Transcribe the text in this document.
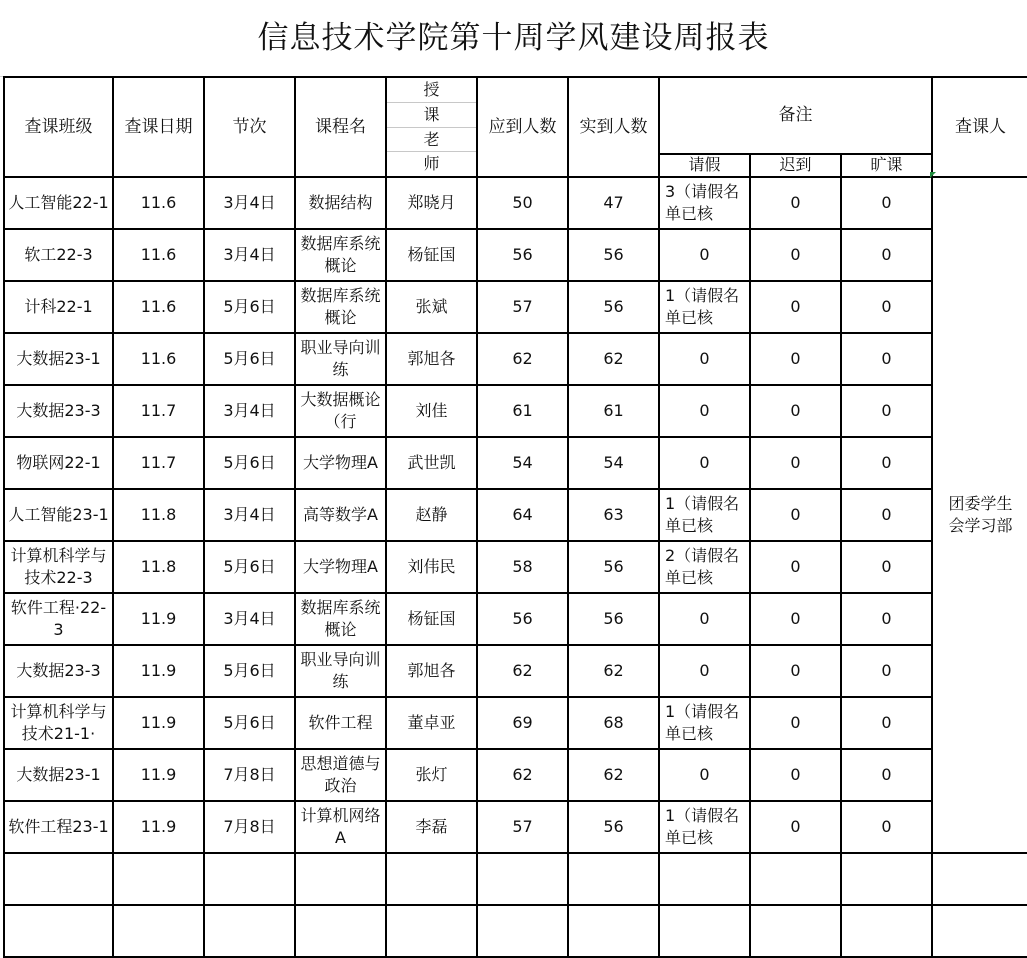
信息技术学院第十周学风建设周报表
查课班级	查课日期	节次	课程名	授
课
老
师	应到人数	实到人数	备注			查课人
							请假	迟到	旷课	

人工智能22-1	11.6	3月4日	数据结构	郑晓月	50	47	3（请假名单已核	0	0	团委学生会学习部

软工22-3	11.6	3月4日	数据库系统概论	杨钲国	56	56	0	0	0	

计科22-1	11.6	5月6日	数据库系统概论	张斌	57	56	1（请假名单已核	0	0	

大数据23-1	11.6	5月6日	职业导向训练	郭旭各	62	62	0	0	0	

大数据23-3	11.7	3月4日	大数据概论（行	刘佳	61	61	0	0	0	

物联网22-1	11.7	5月6日	大学物理A	武世凯	54	54	0	0	0	

人工智能23-1	11.8	3月4日	高等数学A	赵静	64	63	1（请假名单已核	0	0	

计算机科学与技术22-3	11.8	5月6日	大学物理A	刘伟民	58	56	2（请假名单已核	0	0	

软件工程·22-3	11.9	3月4日	数据库系统概论	杨钲国	56	56	0	0	0	

大数据23-3	11.9	5月6日	职业导向训练	郭旭各	62	62	0	0	0	

计算机科学与技术21-1·	11.9	5月6日	软件工程	董卓亚	69	68	1（请假名单已核	0	0	

大数据23-1	11.9	7月8日	思想道德与政治	张灯	62	62	0	0	0	

软件工程23-1	11.9	7月8日	计算机网络A	李磊	57	56	1（请假名单已核	0	0	
